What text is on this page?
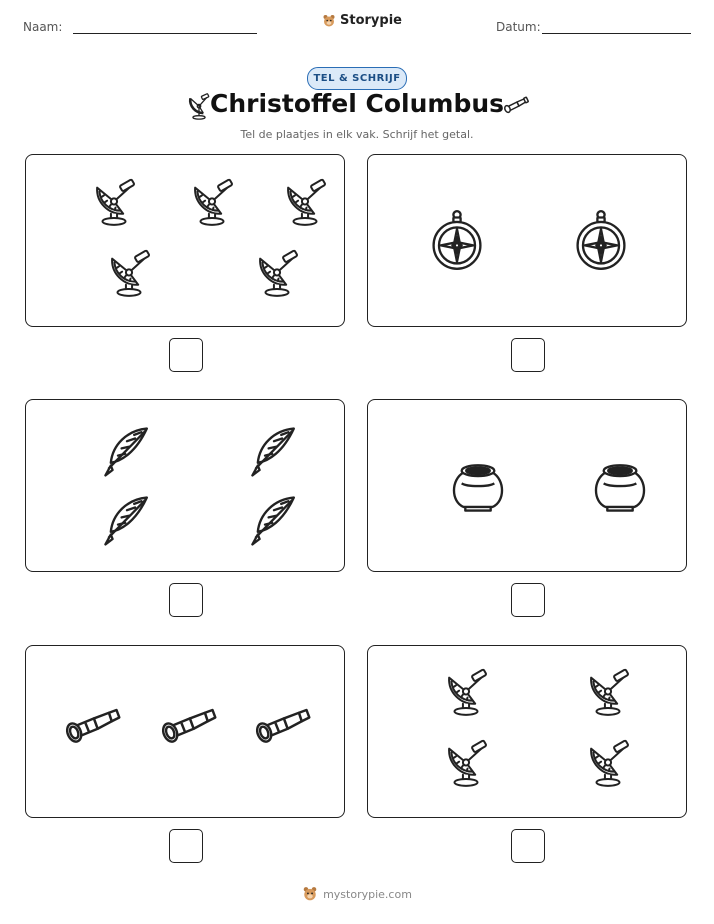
Naam:	Storypie	Datum:
TEL & SCHRIJF
Christoffel Columbus
Tel de plaatjes in elk vak. Schrijf het getal.
mystorypie.com
